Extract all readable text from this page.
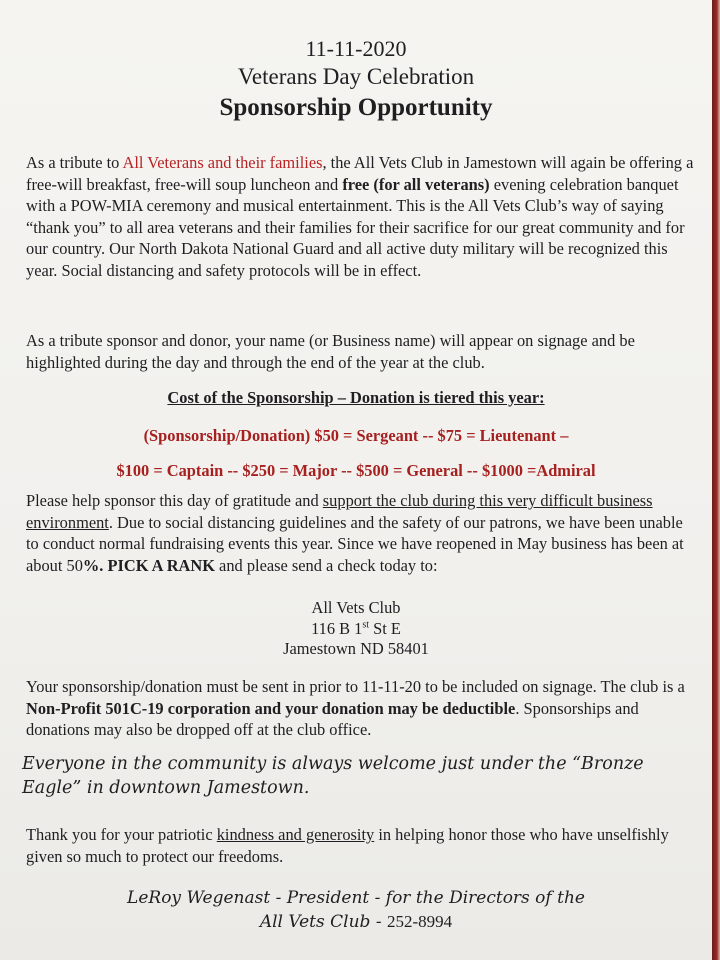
11-11-2020

Veterans Day Celebration

Sponsorship Opportunity

As a tribute to All Veterans and their families, the All Vets Club in Jamestown will again be offering a free-will breakfast, free-will soup luncheon and free (for all veterans) evening celebration banquet with a POW-MIA ceremony and musical entertainment. This is the All Vets Club’s way of saying “thank you” to all area veterans and their families for their sacrifice for our great community and for our country. Our North Dakota National Guard and all active duty military will be recognized this year. Social distancing and safety protocols will be in effect.

As a tribute sponsor and donor, your name (or Business name) will appear on signage and be highlighted during the day and through the end of the year at the club.

Cost of the Sponsorship – Donation is tiered this year:

(Sponsorship/Donation) $50 = Sergeant -- $75 = Lieutenant –

$100 = Captain -- $250 = Major -- $500 = General -- $1000 =Admiral

Please help sponsor this day of gratitude and support the club during this very difficult business environment. Due to social distancing guidelines and the safety of our patrons, we have been unable to conduct normal fundraising events this year. Since we have reopened in May business has been at about 50%. PICK A RANK and please send a check today to:

All Vets Club
116 B 1st St E
Jamestown ND 58401

Your sponsorship/donation must be sent in prior to 11-11-20 to be included on signage. The club is a Non-Profit 501C-19 corporation and your donation may be deductible. Sponsorships and donations may also be dropped off at the club office.

Everyone in the community is always welcome just under the “Bronze Eagle” in downtown Jamestown.

Thank you for your patriotic kindness and generosity in helping honor those who have unselfishly given so much to protect our freedoms.

LeRoy Wegenast - President - for the Directors of the
All Vets Club - 252-8994
